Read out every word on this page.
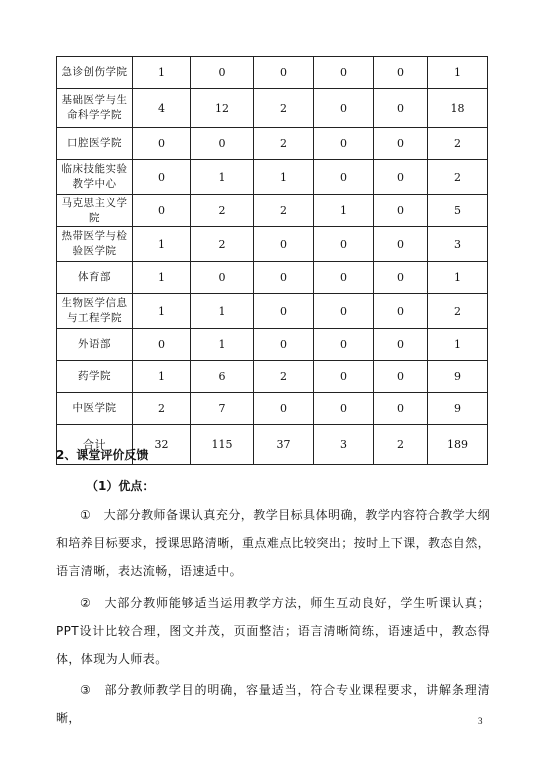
急诊创伤学院	1	0	0	0	0	1
基础医学与生命科学学院	4	12	2	0	0	18
口腔医学院	0	0	2	0	0	2
临床技能实验教学中心	0	1	1	0	0	2
马克思主义学院	0	2	2	1	0	5
热带医学与检验医学院	1	2	0	0	0	3
体育部	1	0	0	0	0	1
生物医学信息与工程学院	1	1	0	0	0	2
外语部	0	1	0	0	0	1
药学院	1	6	2	0	0	9
中医学院	2	7	0	0	0	9
合计	32	115	37	3	2	189
2、课堂评价反馈
（1）优点：
①　大部分教师备课认真充分，教学目标具体明确，教学内容符合教学大纲和培养目标要求，授课思路清晰，重点难点比较突出；按时上下课，教态自然，语言清晰，表达流畅，语速适中。
②　大部分教师能够适当运用教学方法，师生互动良好，学生听课认真；PPT设计比较合理，图文并茂，页面整洁；语言清晰简练，语速适中，教态得体，体现为人师表。
③　部分教师教学目的明确，容量适当，符合专业课程要求，讲解条理清晰，	3
